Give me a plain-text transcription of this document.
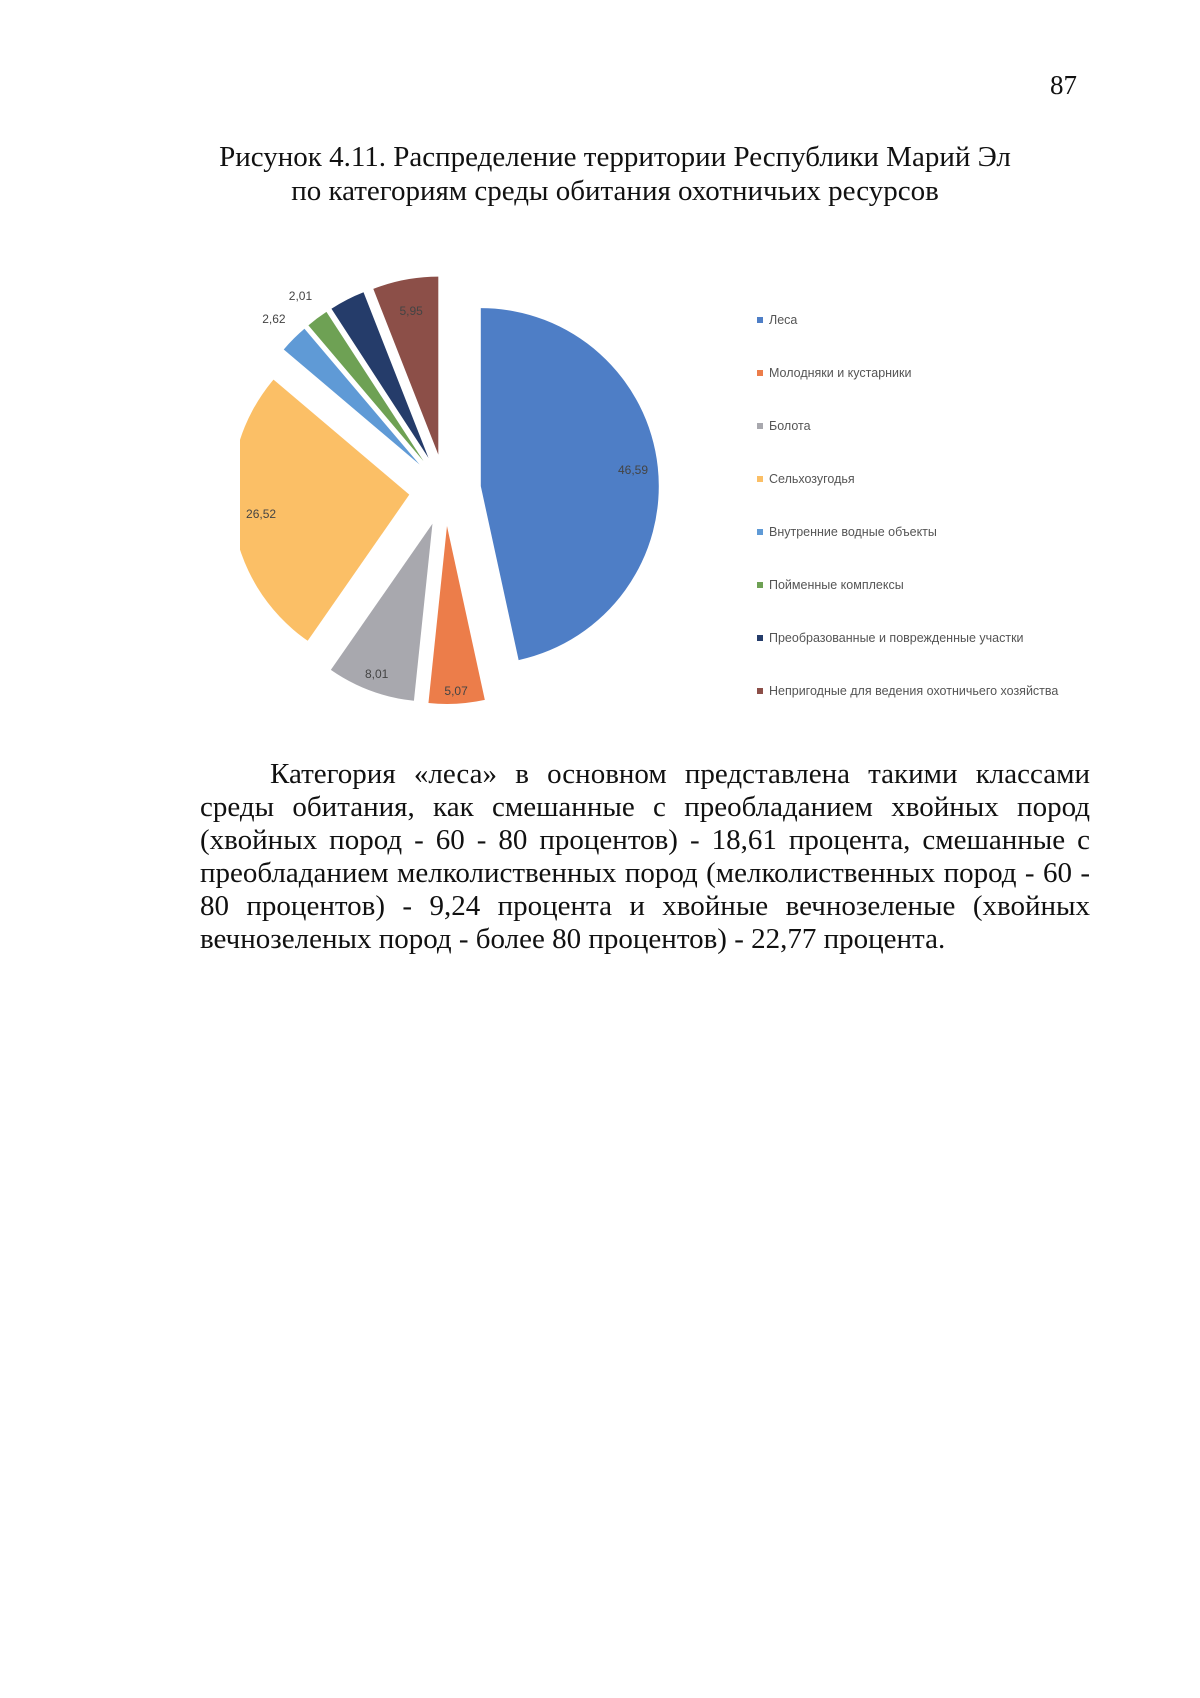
87
Рисунок 4.11. Распределение территории Республики Марий Эл
по категориям среды обитания охотничьих ресурсов
46,59
5,07
8,01
26,52
2,62
2,01
5,95
Леса
Молодняки и кустарники
Болота
Сельхозугодья
Внутренние водные объекты
Пойменные комплексы
Преобразованные и поврежденные участки
Непригодные для ведения охотничьего хозяйства

Категория «леса» в основном представлена такими классами среды обитания, как смешанные с преобладанием хвойных пород (хвойных пород - 60 - 80 процентов) - 18,61 процента, смешанные с преобладанием мелколиственных пород (мелколиственных пород - 60 - 80 процентов) - 9,24 процента и хвойные вечнозеленые (хвойных вечнозеленых пород - более 80 процентов) - 22,77 процента.
